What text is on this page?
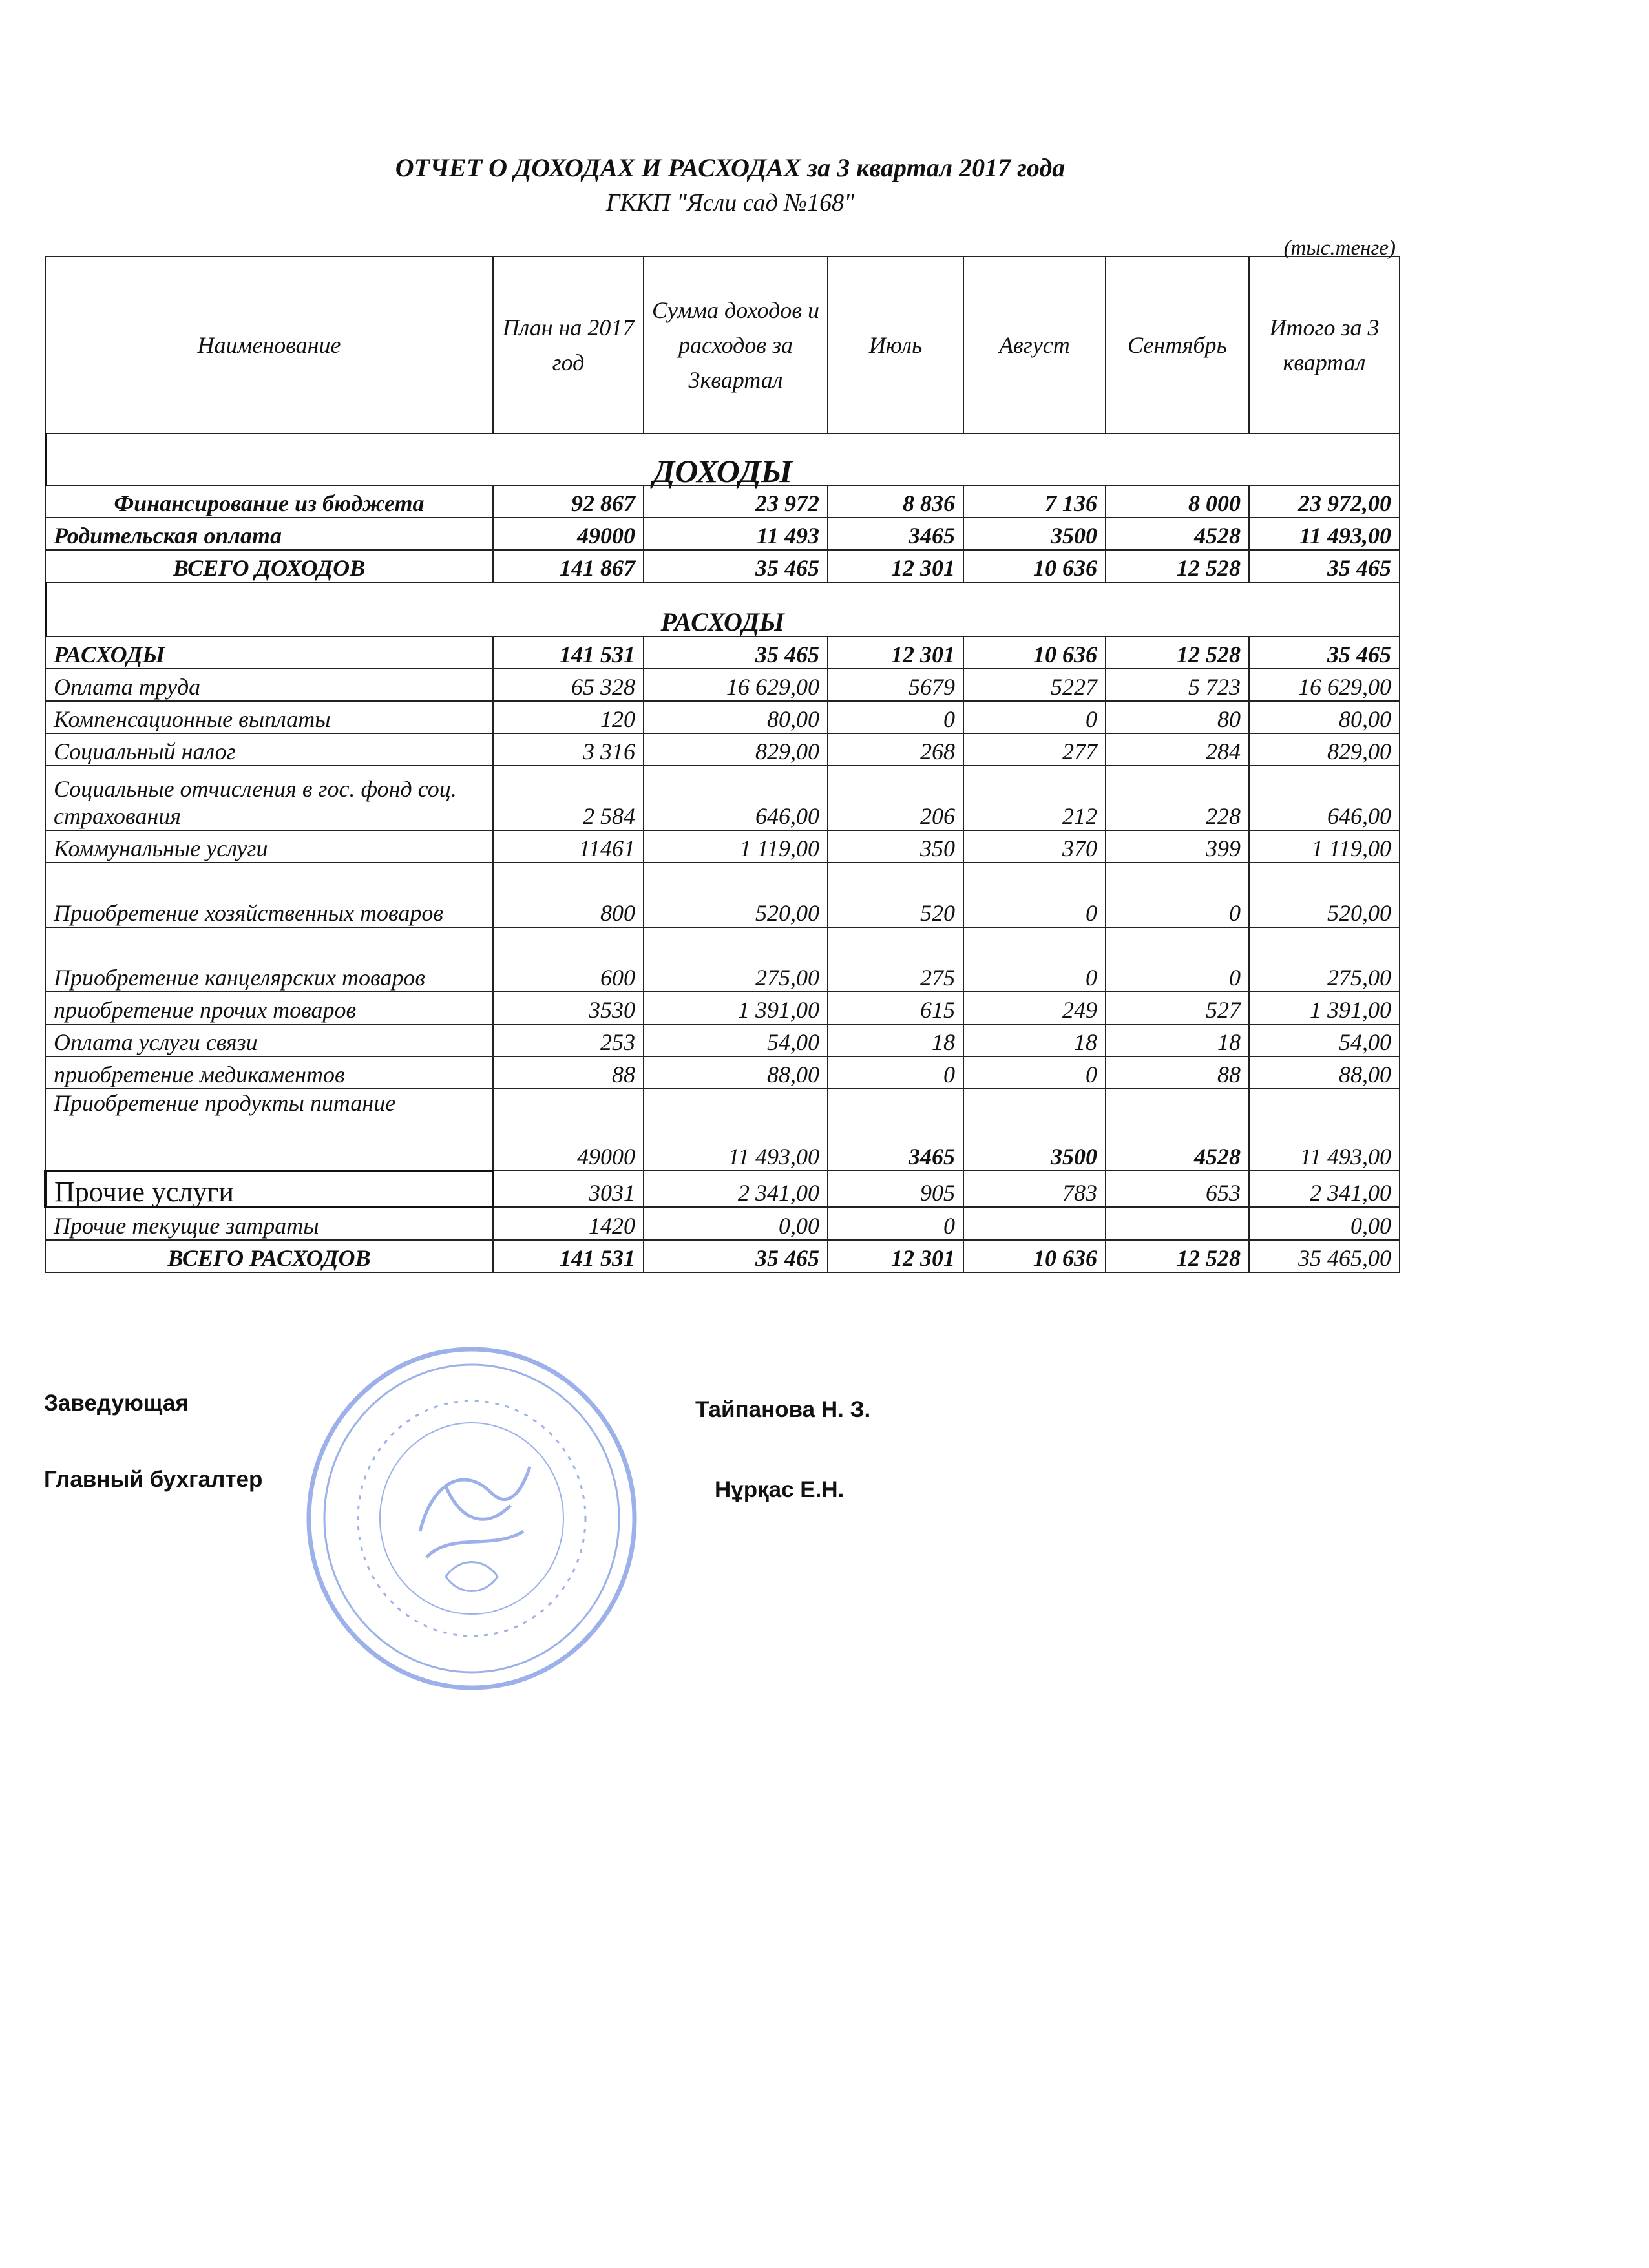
ОТЧЕТ О ДОХОДАХ И РАСХОДАХ за 3 квартал 2017 года
ГККП "Ясли сад №168"
(тыс.тенге)
Наименование	План на 2017 год	Сумма доходов и расходов за 3квартал	Июль	Август	Сентябрь	Итого за 3 квартал
ДОХОДЫ						
Финансирование из бюджета	92 867	23 972	8 836	7 136	8 000	23 972,00
Родительская оплата	49000	11 493	3465	3500	4528	11 493,00
ВСЕГО ДОХОДОВ	141 867	35 465	12 301	10 636	12 528	35 465
РАСХОДЫ						
РАСХОДЫ	141 531	35 465	12 301	10 636	12 528	35 465
Оплата труда	65 328	16 629,00	5679	5227	5 723	16 629,00
Компенсационные выплаты	120	80,00	0	0	80	80,00
Социальный налог	3 316	829,00	268	277	284	829,00
Социальные отчисления в гос. фонд соц. страхования	2 584	646,00	206	212	228	646,00
Коммунальные услуги	11461	1 119,00	350	370	399	1 119,00
Приобретение хозяйственных товаров	800	520,00	520	0	0	520,00
Приобретение канцелярских товаров	600	275,00	275	0	0	275,00
приобретение прочих товаров	3530	1 391,00	615	249	527	1 391,00
Оплата услуги связи	253	54,00	18	18	18	54,00
приобретение медикаментов	88	88,00	0	0	88	88,00
Приобретение продукты питание	49000	11 493,00	3465	3500	4528	11 493,00
Прочие услуги	3031	2 341,00	905	783	653	2 341,00
Прочие текущие затраты	1420	0,00	0			0,00
ВСЕГО РАСХОДОВ	141 531	35 465	12 301	10 636	12 528	35 465,00
Заведующая	Тайпанова Н. З.
Главный бухгалтер	Нұрқас Е.Н.
